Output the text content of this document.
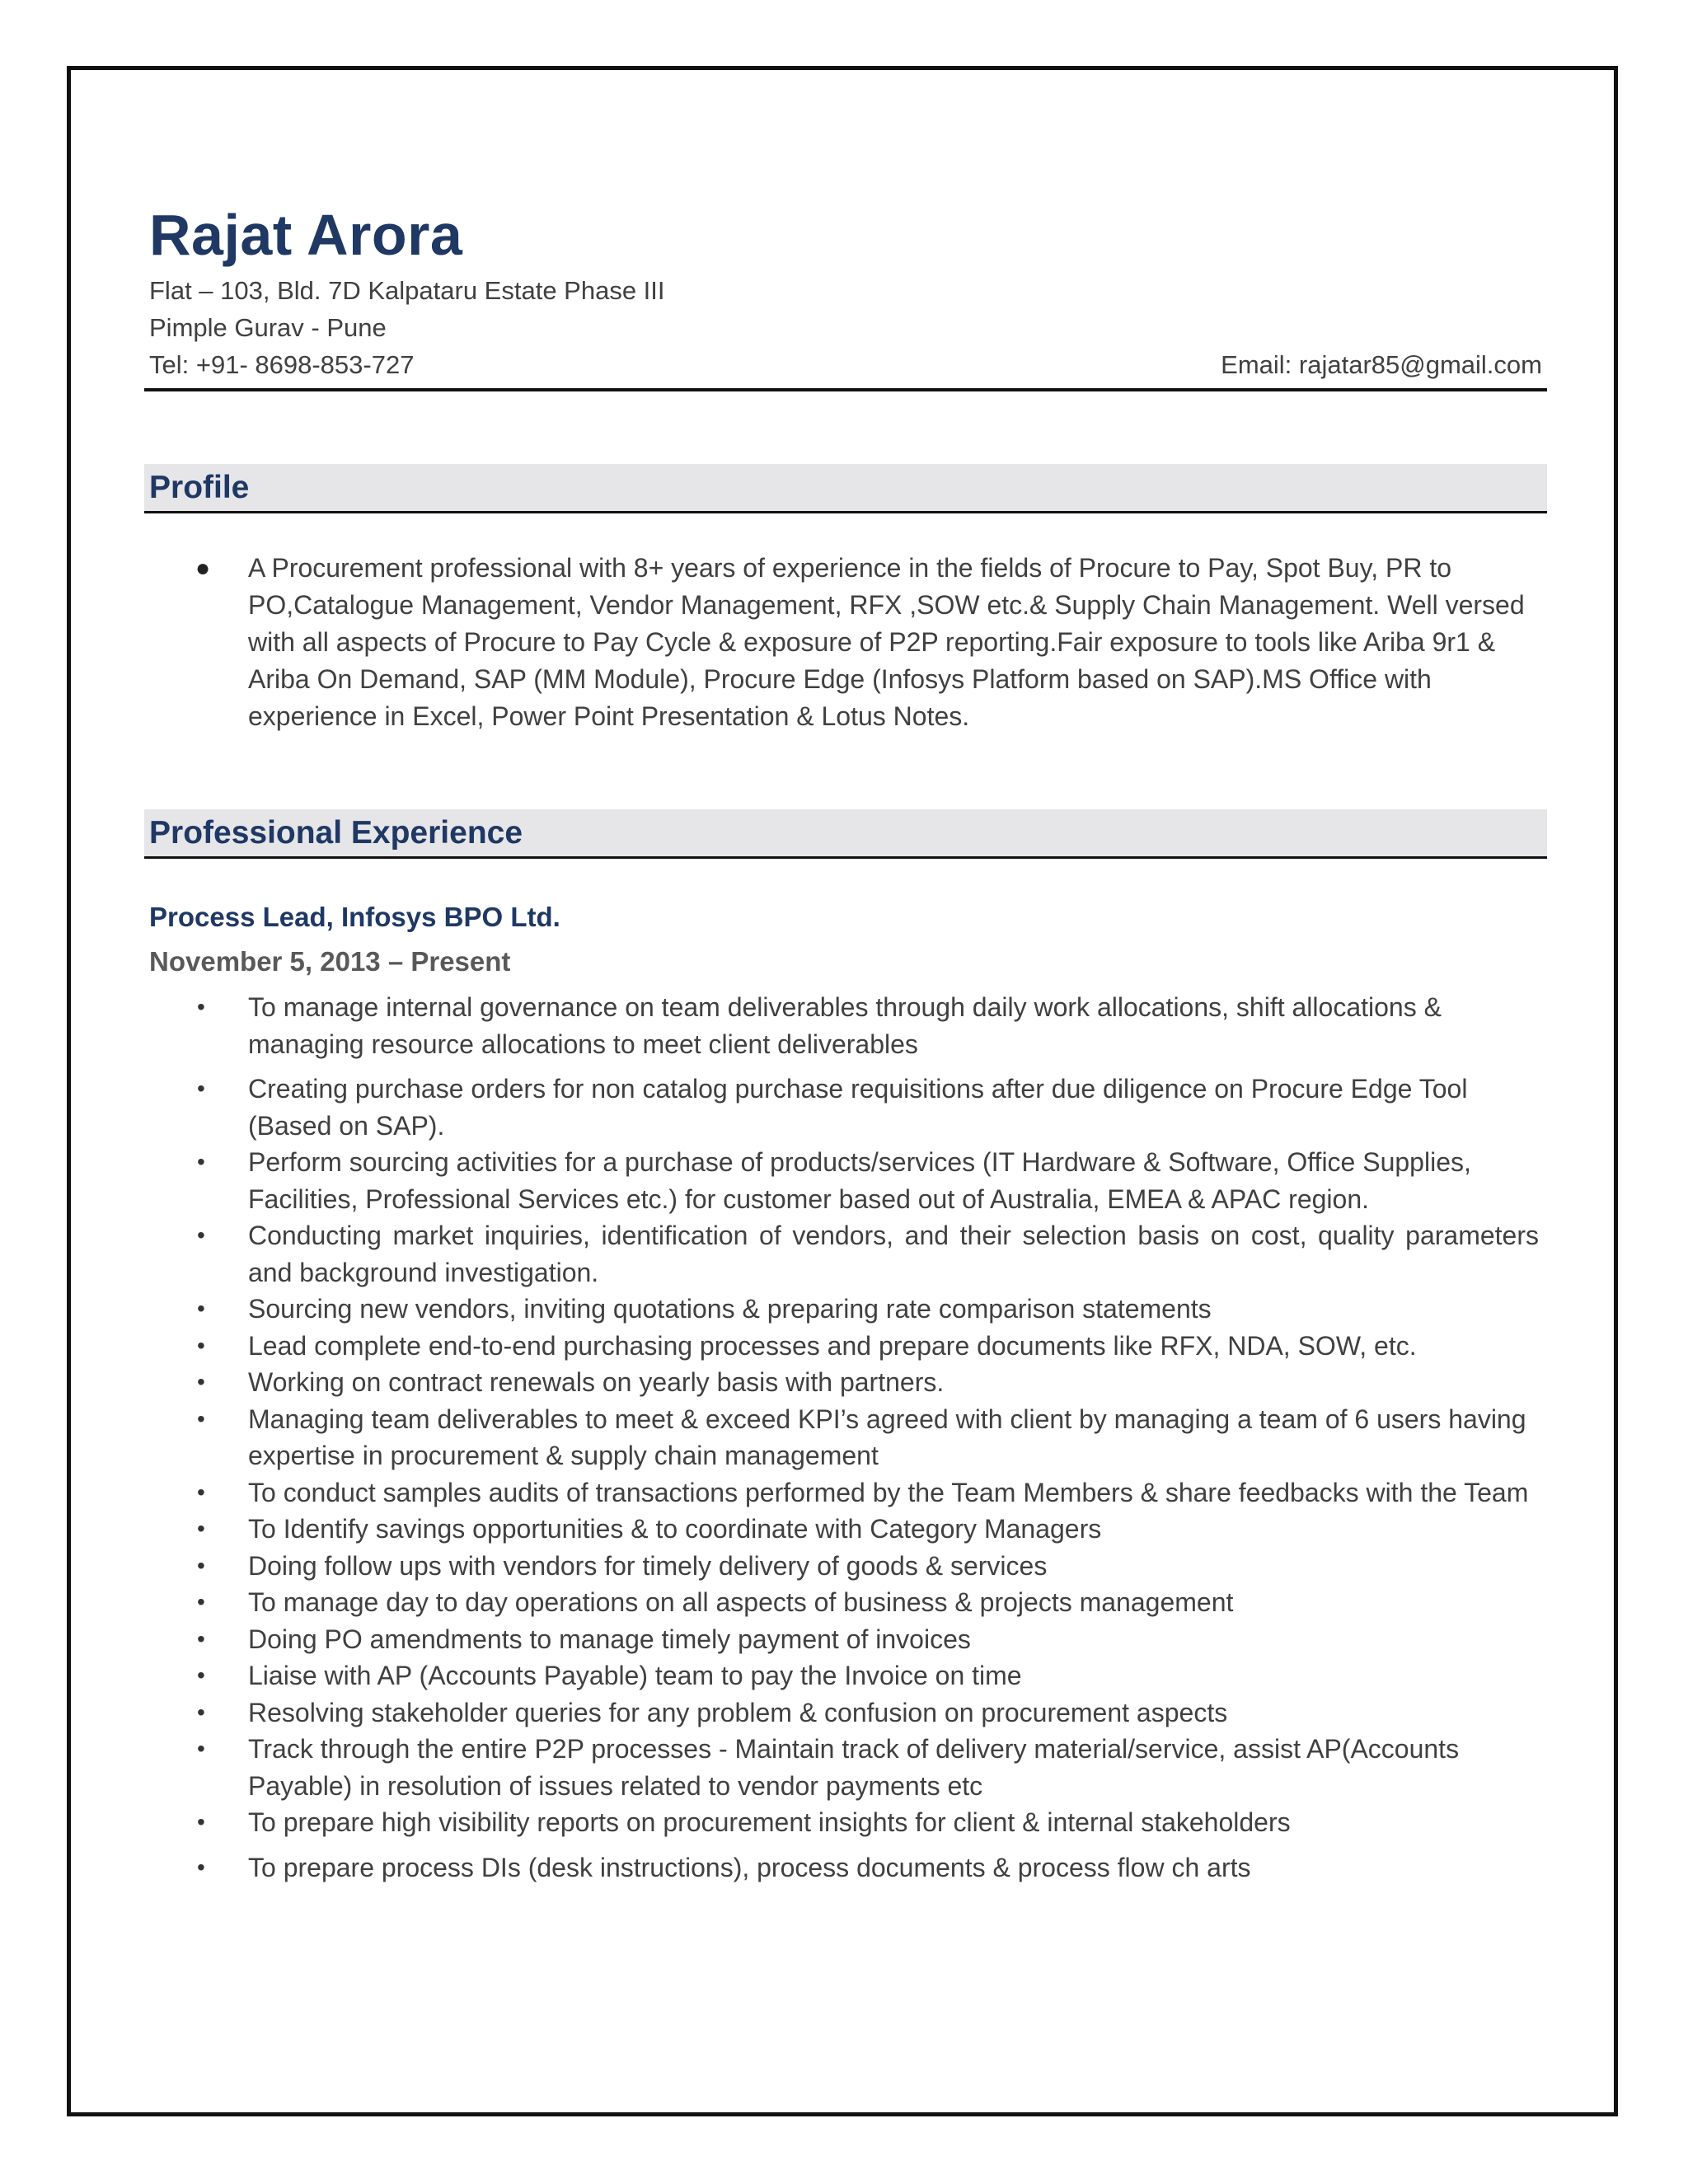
Rajat Arora

Flat – 103, Bld. 7D Kalpataru Estate Phase III

Pimple Gurav - Pune

Tel: +91- 8698-853-727	Email: rajatar85@gmail.com
Profile
● A Procurement professional with 8+ years of experience in the fields of Procure to Pay, Spot Buy, PR to PO,Catalogue Management, Vendor Management, RFX ,SOW etc.& Supply Chain Management. Well versed with all aspects of Procure to Pay Cycle & exposure of P2P reporting.Fair exposure to tools like Ariba 9r1 & Ariba On Demand, SAP (MM Module), Procure Edge (Infosys Platform based on SAP).MS Office with experience in Excel, Power Point Presentation & Lotus Notes.
Professional Experience
Process Lead, Infosys BPO Ltd.
November 5, 2013 – Present
• To manage internal governance on team deliverables through daily work allocations, shift allocations & managing resource allocations to meet client deliverables
• Creating purchase orders for non catalog purchase requisitions after due diligence on Procure Edge Tool (Based on SAP).
• Perform sourcing activities for a purchase of products/services (IT Hardware & Software, Office Supplies, Facilities, Professional Services etc.) for customer based out of Australia, EMEA & APAC region.
• Conducting market inquiries, identification of vendors, and their selection basis on cost, quality parameters and background investigation.
• Sourcing new vendors, inviting quotations & preparing rate comparison statements
• Lead complete end-to-end purchasing processes and prepare documents like RFX, NDA, SOW, etc.
• Working on contract renewals on yearly basis with partners.
• Managing team deliverables to meet & exceed KPI’s agreed with client by managing a team of 6 users having expertise in procurement & supply chain management
• To conduct samples audits of transactions performed by the Team Members & share feedbacks with the Team
• To Identify savings opportunities & to coordinate with Category Managers
• Doing follow ups with vendors for timely delivery of goods & services
• To manage day to day operations on all aspects of business & projects management
• Doing PO amendments to manage timely payment of invoices
• Liaise with AP (Accounts Payable) team to pay the Invoice on time
• Resolving stakeholder queries for any problem & confusion on procurement aspects
• Track through the entire P2P processes - Maintain track of delivery material/service, assist AP(Accounts Payable) in resolution of issues related to vendor payments etc
• To prepare high visibility reports on procurement insights for client & internal stakeholders
• To prepare process DIs (desk instructions), process documents & process flow ch arts
